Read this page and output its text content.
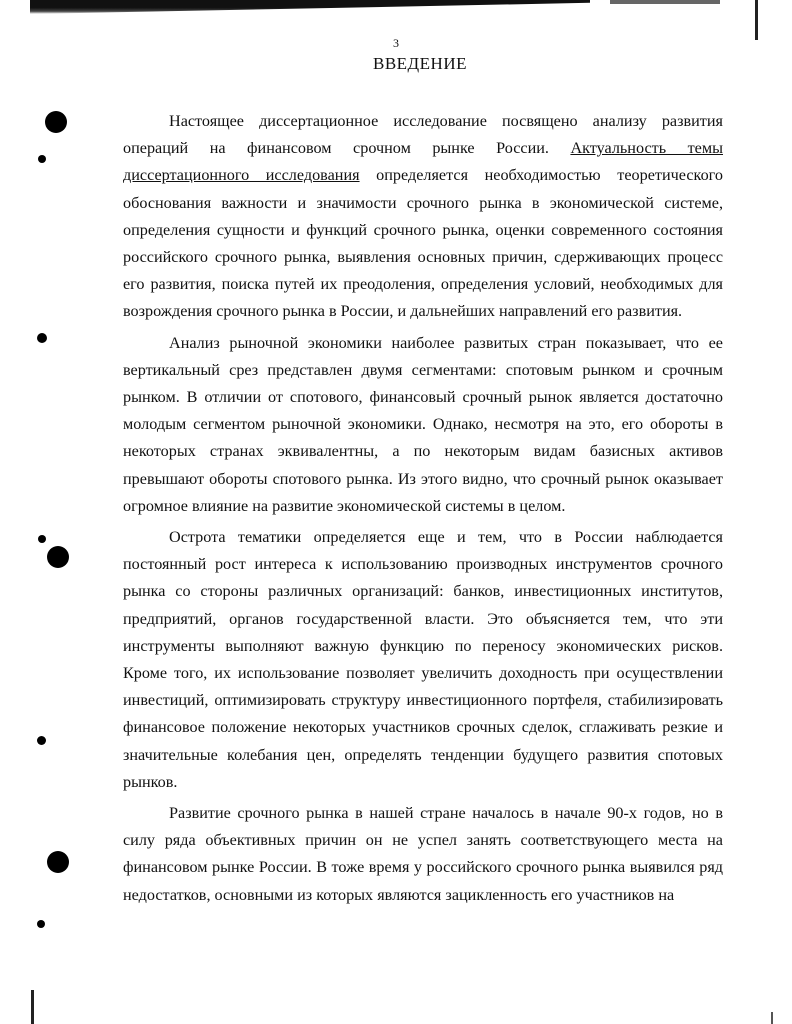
3
ВВЕДЕНИЕ

Настоящее диссертационное исследование посвящено анализу развития операций на финансовом срочном рынке России. Актуальность темы диссертационного исследования определяется необходимостью теоретического обоснования важности и значимости срочного рынка в экономической системе, определения сущности и функций срочного рынка, оценки современного состояния российского срочного рынка, выявления основных причин, сдерживающих процесс его развития, поиска путей их преодоления, определения условий, необходимых для возрождения срочного рынка в России, и дальнейших направлений его развития.

Анализ рыночной экономики наиболее развитых стран показывает, что ее вертикальный срез представлен двумя сегментами: спотовым рынком и срочным рынком. В отличии от спотового, финансовый срочный рынок является достаточно молодым сегментом рыночной экономики. Однако, несмотря на это, его обороты в некоторых странах эквивалентны, а по некоторым видам базисных активов превышают обороты спотового рынка. Из этого видно, что срочный рынок оказывает огромное влияние на развитие экономической системы в целом.

Острота тематики определяется еще и тем, что в России наблюдается постоянный рост интереса к использованию производных инструментов срочного рынка со стороны различных организаций: банков, инвестиционных институтов, предприятий, органов государственной власти. Это объясняется тем, что эти инструменты выполняют важную функцию по переносу экономических рисков. Кроме того, их использование позволяет увеличить доходность при осуществлении инвестиций, оптимизировать структуру инвестиционного портфеля, стабилизировать финансовое положение некоторых участников срочных сделок, сглаживать резкие и значительные колебания цен, определять тенденции будущего развития спотовых рынков.

Развитие срочного рынка в нашей стране началось в начале 90-х годов, но в силу ряда объективных причин он не успел занять соответствующего места на финансовом рынке России. В тоже время у российского срочного рынка выявился ряд недостатков, основными из которых являются зацикленность его участников на
